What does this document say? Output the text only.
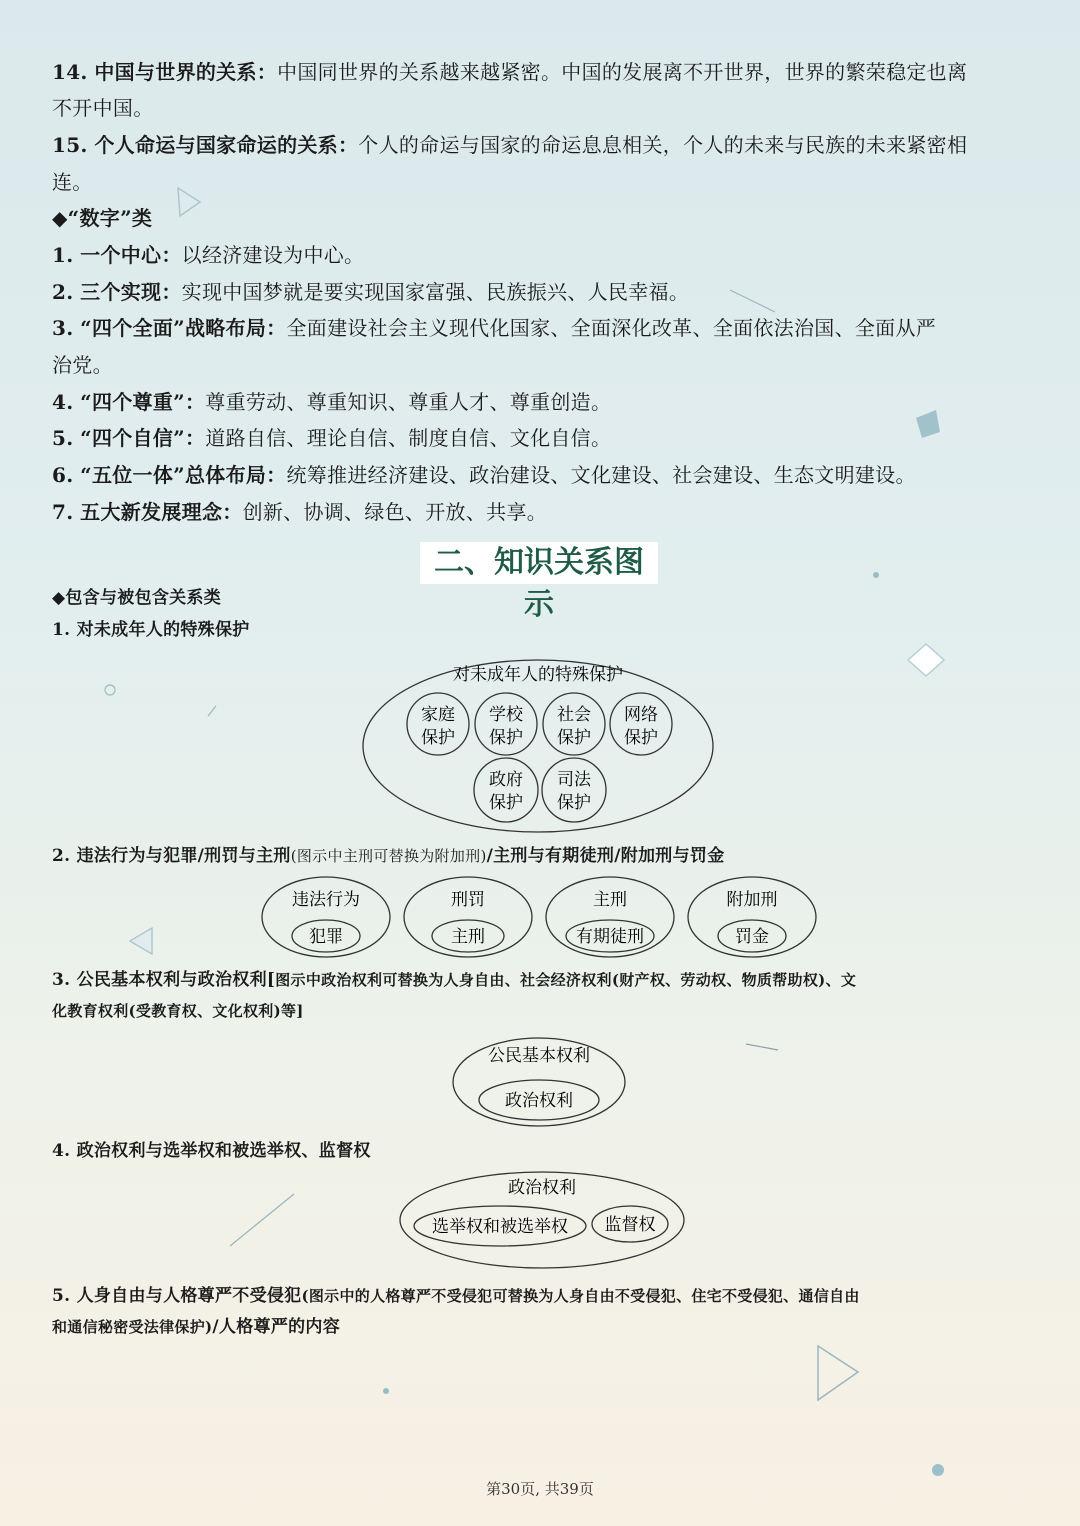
14. 中国与世界的关系：中国同世界的关系越来越紧密。中国的发展离不开世界，世界的繁荣稳定也离
不开中国。
15. 个人命运与国家命运的关系：个人的命运与国家的命运息息相关，个人的未来与民族的未来紧密相
连。
◆“数字”类
1. 一个中心：以经济建设为中心。
2. 三个实现：实现中国梦就是要实现国家富强、民族振兴、人民幸福。
3. “四个全面”战略布局：全面建设社会主义现代化国家、全面深化改革、全面依法治国、全面从严
治党。
4. “四个尊重”：尊重劳动、尊重知识、尊重人才、尊重创造。
5. “四个自信”：道路自信、理论自信、制度自信、文化自信。
6. “五位一体”总体布局：统筹推进经济建设、政治建设、文化建设、社会建设、生态文明建设。
7. 五大新发展理念：创新、协调、绿色、开放、共享。
二、知识关系图示
◆包含与被包含关系类
1. 对未成年人的特殊保护
对未成年人的特殊保护
家庭
保护
学校
保护
社会
保护
网络
保护
政府
保护
司法
保护
2. 违法行为与犯罪/刑罚与主刑(图示中主刑可替换为附加刑)/主刑与有期徒刑/附加刑与罚金
违法行为
犯罪
刑罚
主刑
主刑
有期徒刑
附加刑
罚金
3. 公民基本权利与政治权利[图示中政治权利可替换为人身自由、社会经济权利(财产权、劳动权、物质帮助权)、文
化教育权利(受教育权、文化权利)等]
公民基本权利
政治权利
4. 政治权利与选举权和被选举权、监督权
政治权利
选举权和被选举权 监督权
5. 人身自由与人格尊严不受侵犯(图示中的人格尊严不受侵犯可替换为人身自由不受侵犯、住宅不受侵犯、通信自由
和通信秘密受法律保护)/人格尊严的内容
第30页, 共39页
